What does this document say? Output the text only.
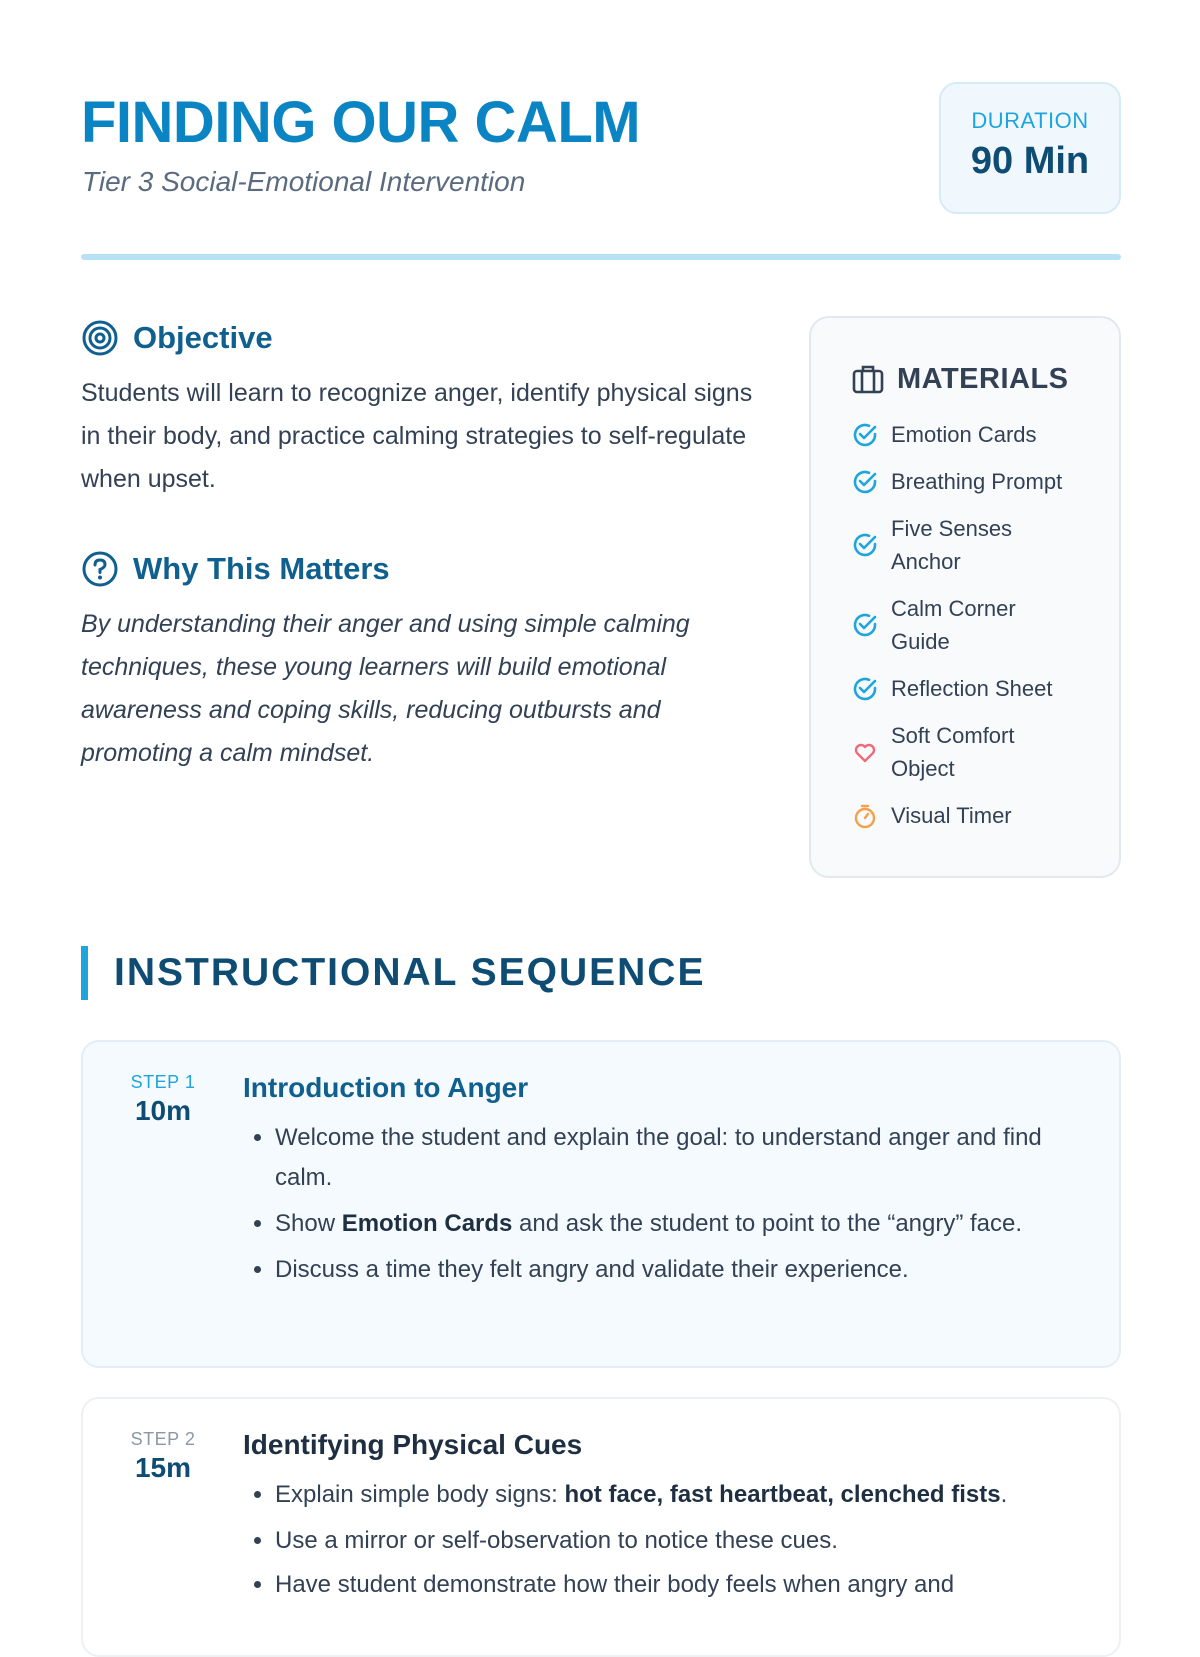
FINDING OUR CALM
Tier 3 Social-Emotional Intervention
DURATION
90 Min
Objective

Students will learn to recognize anger, identify physical signs in their body, and practice calming strategies to self-regulate when upset.

Why This Matters

By understanding their anger and using simple calming techniques, these young learners will build emotional awareness and coping skills, reducing outbursts and promoting a calm mindset.

MATERIALS
Emotion Cards
Breathing Prompt
Five Senses Anchor
Calm Corner Guide
Reflection Sheet
Soft Comfort Object
Visual Timer
INSTRUCTIONAL SEQUENCE
STEP 1
10m
Introduction to Anger
• Welcome the student and explain the goal: to understand anger and find calm.
• Show Emotion Cards and ask the student to point to the “angry” face.
• Discuss a time they felt angry and validate their experience.
STEP 2
15m
Identifying Physical Cues
• Explain simple body signs: hot face, fast heartbeat, clenched fists.
• Use a mirror or self-observation to notice these cues.
• Have student demonstrate how their body feels when angry and
